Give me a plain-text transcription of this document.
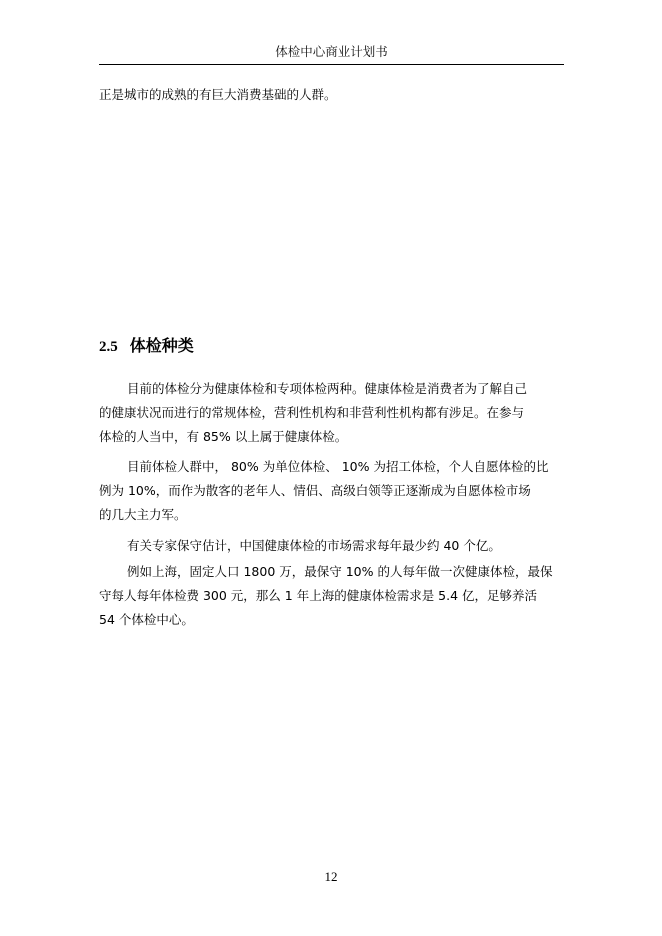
体检中心商业计划书

正是城市的成熟的有巨大消费基础的人群。

2.5 体检种类

目前的体检分为健康体检和专项体检两种。健康体检是消费者为了解自己
的健康状况而进行的常规体检，营利性机构和非营利性机构都有涉足。在参与
体检的人当中，有 85% 以上属于健康体检。

目前体检人群中， 80% 为单位体检、 10% 为招工体检，个人自愿体检的比
例为 10%，而作为散客的老年人、情侣、高级白领等正逐渐成为自愿体检市场
的几大主力军。

有关专家保守估计，中国健康体检的市场需求每年最少约 40 个亿。

例如上海，固定人口 1800 万，最保守 10% 的人每年做一次健康体检，最保
守每人每年体检费 300 元，那么 1 年上海的健康体检需求是 5.4 亿，足够养活
54 个体检中心。

12
